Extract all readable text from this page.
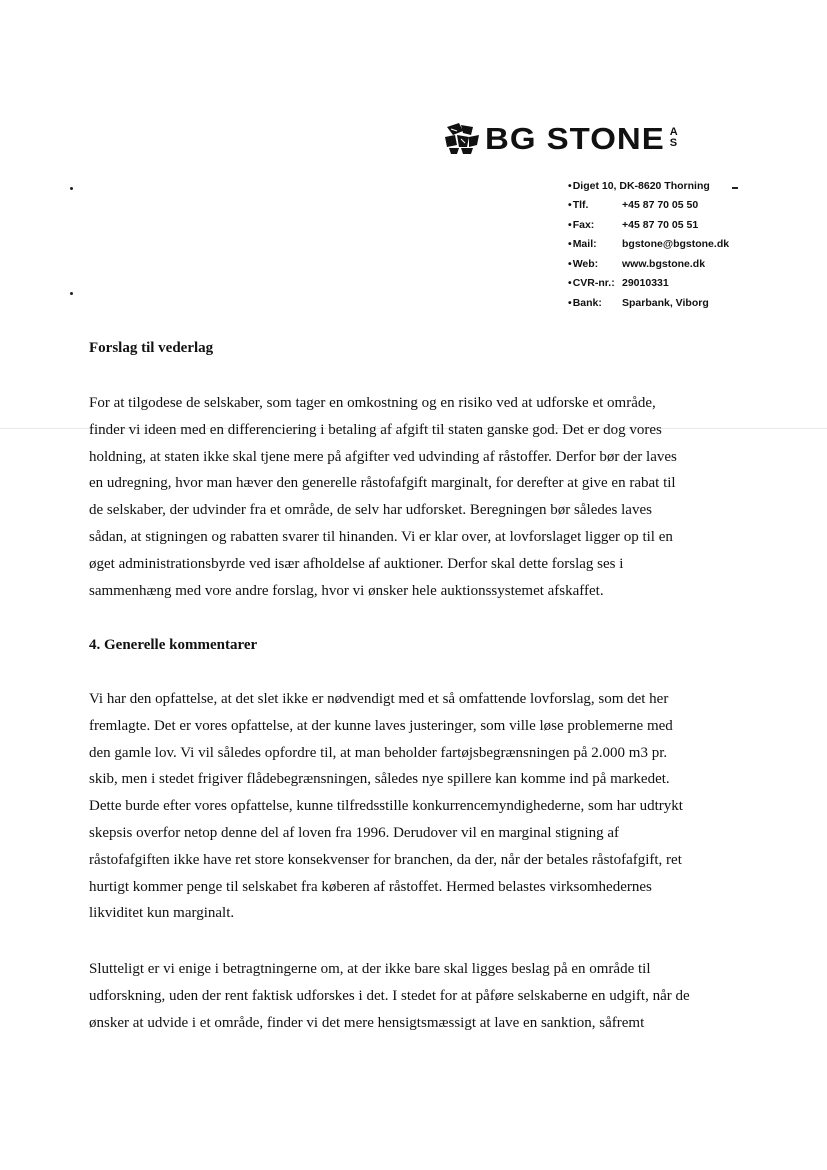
BG STONE A
S
• Diget 10, DK-8620 Thorning
• Tlf.	+45 87 70 05 50
• Fax:	+45 87 70 05 51
• Mail:	bgstone@bgstone.dk
• Web:	www.bgstone.dk
• CVR-nr.: 29010331
• Bank:	Sparbank, Viborg
Forslag til vederlag
For at tilgodese de selskaber, som tager en omkostning og en risiko ved at udforske et område,
finder vi ideen med en differenciering i betaling af afgift til staten ganske god. Det er dog vores
holdning, at staten ikke skal tjene mere på afgifter ved udvinding af råstoffer. Derfor bør der laves
en udregning, hvor man hæver den generelle råstofafgift marginalt, for derefter at give en rabat til
de selskaber, der udvinder fra et område, de selv har udforsket. Beregningen bør således laves
sådan, at stigningen og rabatten svarer til hinanden. Vi er klar over, at lovforslaget ligger op til en
øget administrationsbyrde ved især afholdelse af auktioner. Derfor skal dette forslag ses i
sammenhæng med vore andre forslag, hvor vi ønsker hele auktionssystemet afskaffet.
4. Generelle kommentarer
Vi har den opfattelse, at det slet ikke er nødvendigt med et så omfattende lovforslag, som det her
fremlagte. Det er vores opfattelse, at der kunne laves justeringer, som ville løse problemerne med
den gamle lov. Vi vil således opfordre til, at man beholder fartøjsbegrænsningen på 2.000 m3 pr.
skib, men i stedet frigiver flådebegrænsningen, således nye spillere kan komme ind på markedet.
Dette burde efter vores opfattelse, kunne tilfredsstille konkurrencemyndighederne, som har udtrykt
skepsis overfor netop denne del af loven fra 1996. Derudover vil en marginal stigning af
råstofafgiften ikke have ret store konsekvenser for branchen, da der, når der betales råstofafgift, ret
hurtigt kommer penge til selskabet fra køberen af råstoffet. Hermed belastes virksomhedernes
likviditet kun marginalt.
Slutteligt er vi enige i betragtningerne om, at der ikke bare skal ligges beslag på en område til
udforskning, uden der rent faktisk udforskes i det. I stedet for at påføre selskaberne en udgift, når de
ønsker at udvide i et område, finder vi det mere hensigtsmæssigt at lave en sanktion, såfremt
